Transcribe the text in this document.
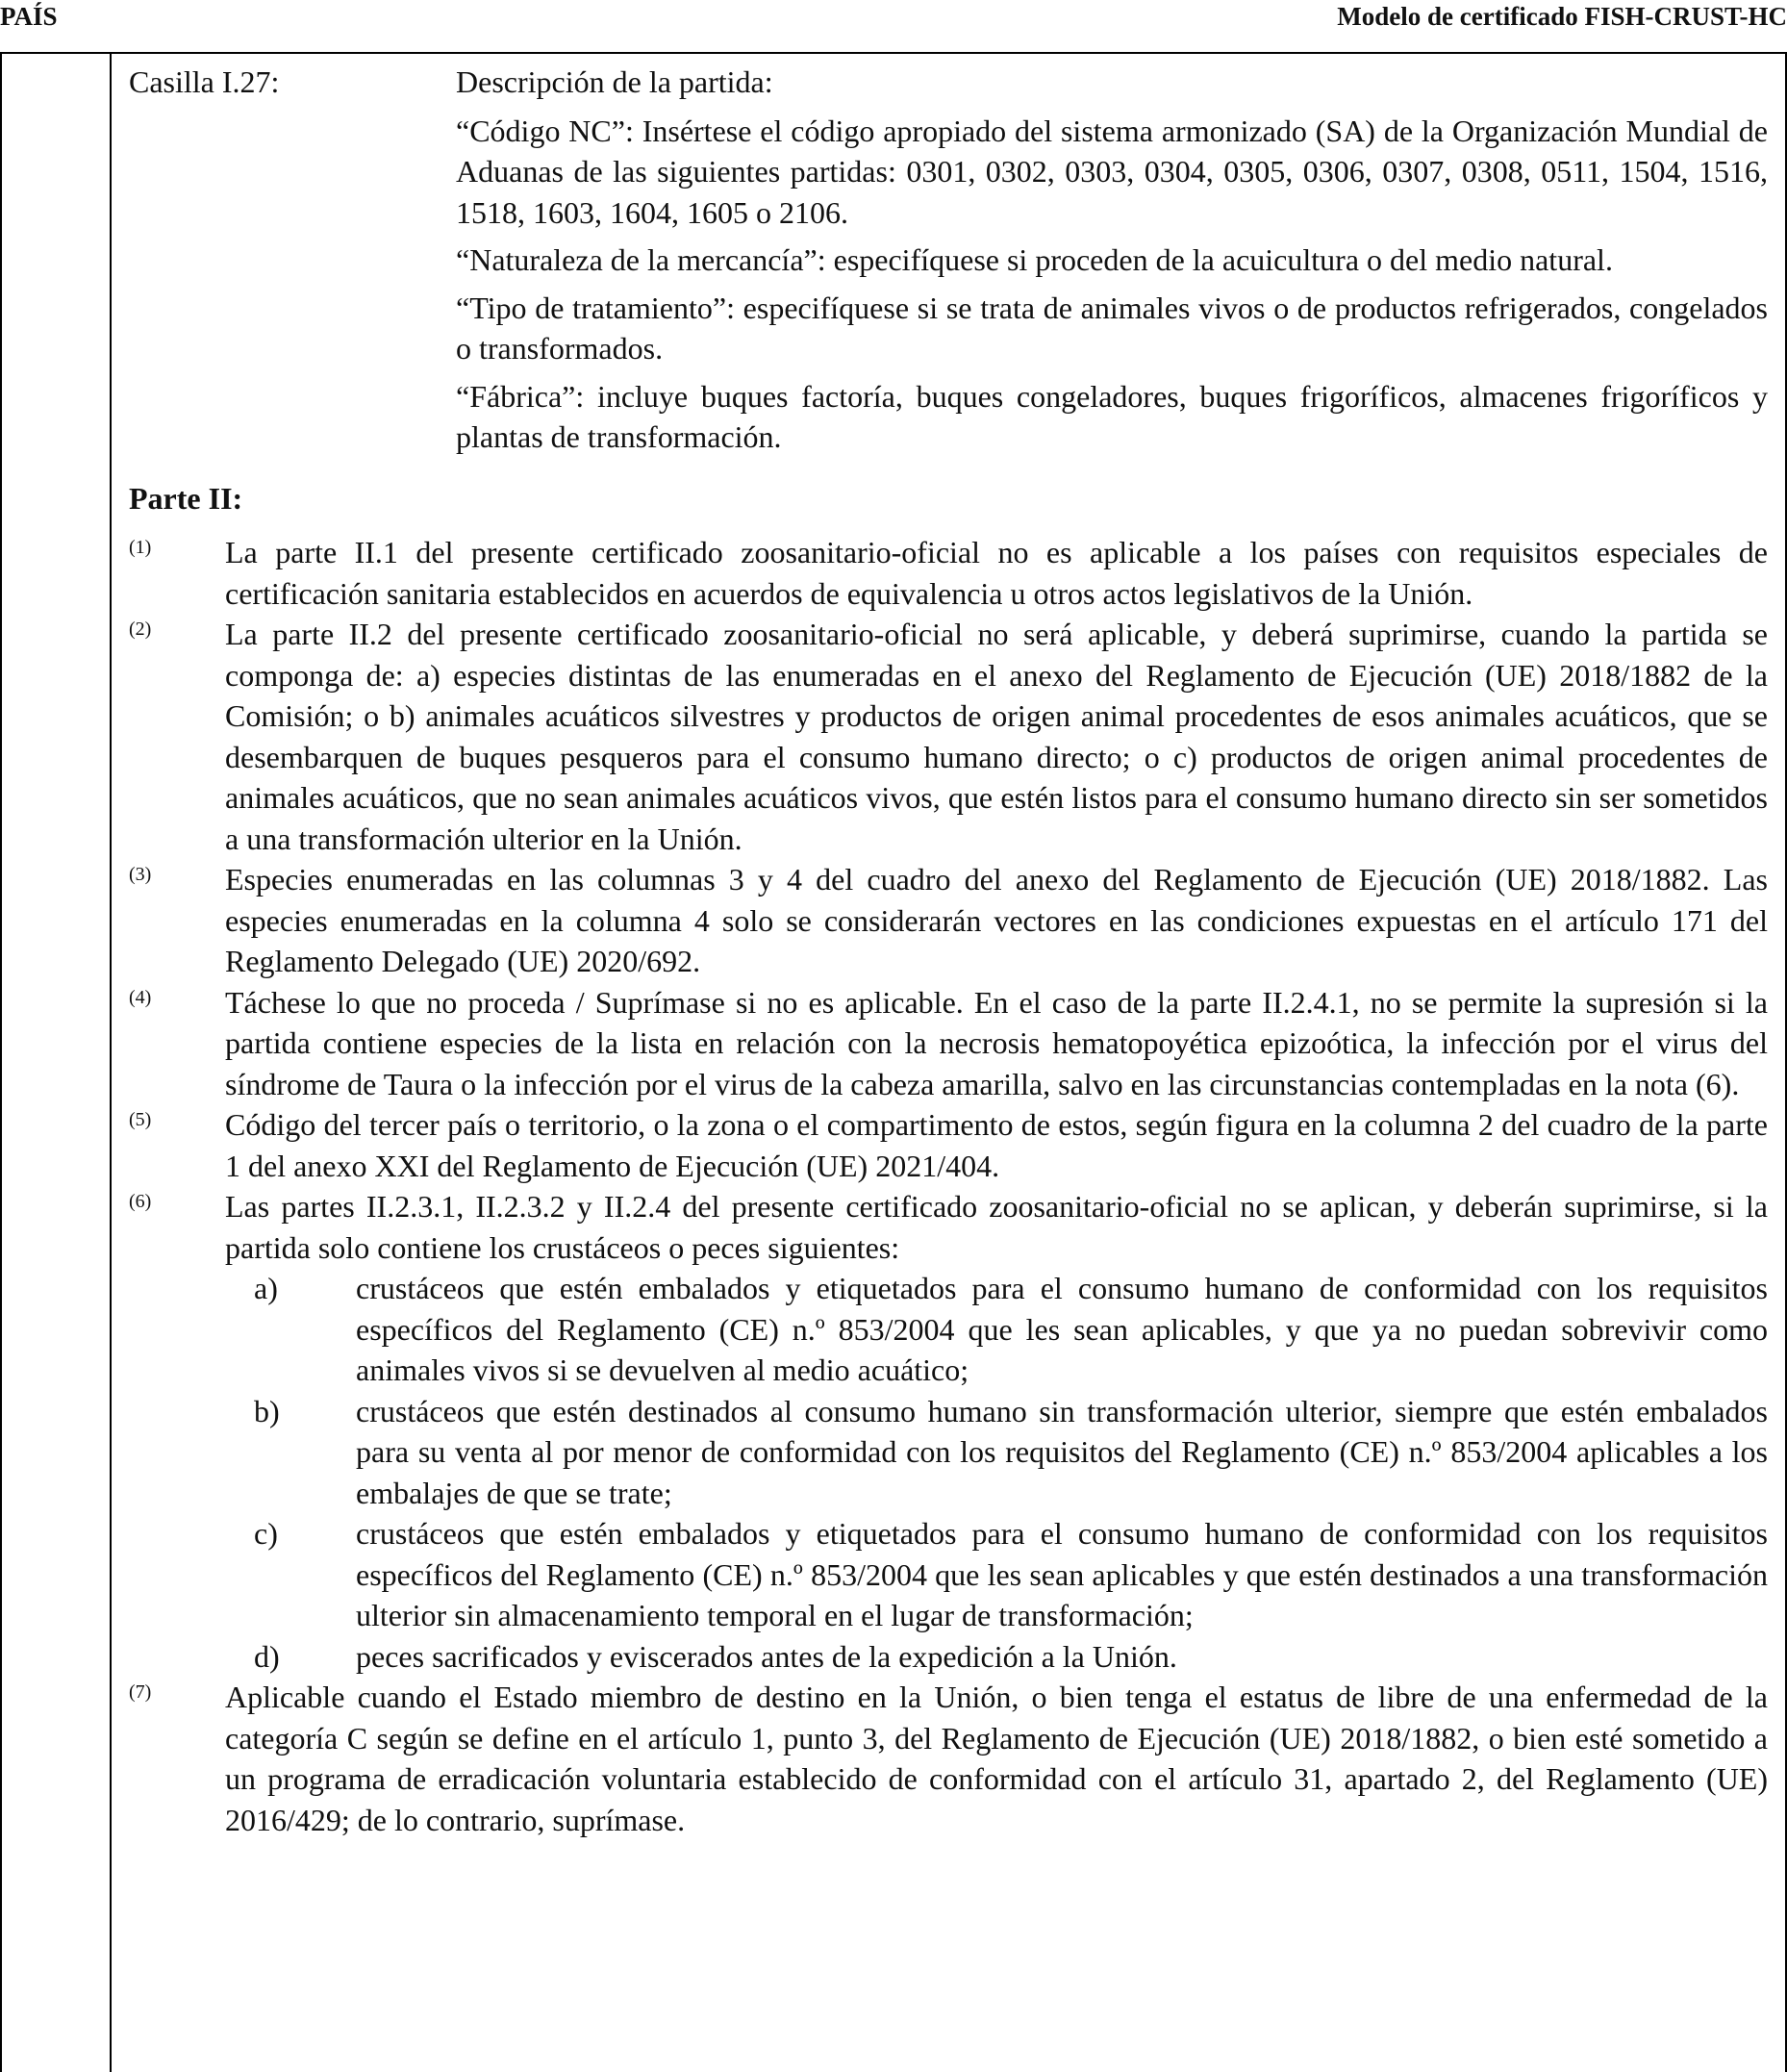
PAÍS	Modelo de certificado FISH-CRUST-HC
Casilla I.27:	Descripción de la partida:

“Código NC”: Insértese el código apropiado del sistema armonizado (SA) de la Organización Mundial de Aduanas de las siguientes partidas: 0301, 0302, 0303, 0304, 0305, 0306, 0307, 0308, 0511, 1504, 1516, 1518, 1603, 1604, 1605 o 2106.

“Naturaleza de la mercancía”: especifíquese si proceden de la acuicultura o del medio natural.

“Tipo de tratamiento”: especifíquese si se trata de animales vivos o de productos refrigerados, congelados o transformados.

“Fábrica”: incluye buques factoría, buques congeladores, buques frigoríficos, almacenes frigoríficos y plantas de transformación.

Parte II:
(1)	La parte II.1 del presente certificado zoosanitario-oficial no es aplicable a los países con requisitos especiales de certificación sanitaria establecidos en acuerdos de equivalencia u otros actos legislativos de la Unión.
(2)	La parte II.2 del presente certificado zoosanitario-oficial no será aplicable, y deberá suprimirse, cuando la partida se componga de: a) especies distintas de las enumeradas en el anexo del Reglamento de Ejecución (UE) 2018/1882 de la Comisión; o b) animales acuáticos silvestres y productos de origen animal procedentes de esos animales acuáticos, que se desembarquen de buques pesqueros para el consumo humano directo; o c) productos de origen animal procedentes de animales acuáticos, que no sean animales acuáticos vivos, que estén listos para el consumo humano directo sin ser sometidos a una transformación ulterior en la Unión.
(3)	Especies enumeradas en las columnas 3 y 4 del cuadro del anexo del Reglamento de Ejecución (UE) 2018/1882. Las especies enumeradas en la columna 4 solo se considerarán vectores en las condiciones expuestas en el artículo 171 del Reglamento Delegado (UE) 2020/692.
(4)	Táchese lo que no proceda / Suprímase si no es aplicable. En el caso de la parte II.2.4.1, no se permite la supresión si la partida contiene especies de la lista en relación con la necrosis hematopoyética epizoótica, la infección por el virus del síndrome de Taura o la infección por el virus de la cabeza amarilla, salvo en las circunstancias contempladas en la nota (6).
(5)	Código del tercer país o territorio, o la zona o el compartimento de estos, según figura en la columna 2 del cuadro de la parte 1 del anexo XXI del Reglamento de Ejecución (UE) 2021/404.
(6)	Las partes II.2.3.1, II.2.3.2 y II.2.4 del presente certificado zoosanitario-oficial no se aplican, y deberán suprimirse, si la partida solo contiene los crustáceos o peces siguientes:
a)	crustáceos que estén embalados y etiquetados para el consumo humano de conformidad con los requisitos específicos del Reglamento (CE) n.º 853/2004 que les sean aplicables, y que ya no puedan sobrevivir como animales vivos si se devuelven al medio acuático;
b)	crustáceos que estén destinados al consumo humano sin transformación ulterior, siempre que estén embalados para su venta al por menor de conformidad con los requisitos del Reglamento (CE) n.º 853/2004 aplicables a los embalajes de que se trate;
c)	crustáceos que estén embalados y etiquetados para el consumo humano de conformidad con los requisitos específicos del Reglamento (CE) n.º 853/2004 que les sean aplicables y que estén destinados a una transformación ulterior sin almacenamiento temporal en el lugar de transformación;
d)	peces sacrificados y eviscerados antes de la expedición a la Unión.
(7)	Aplicable cuando el Estado miembro de destino en la Unión, o bien tenga el estatus de libre de una enfermedad de la categoría C según se define en el artículo 1, punto 3, del Reglamento de Ejecución (UE) 2018/1882, o bien esté sometido a un programa de erradicación voluntaria establecido de conformidad con el artículo 31, apartado 2, del Reglamento (UE) 2016/429; de lo contrario, suprímase.
